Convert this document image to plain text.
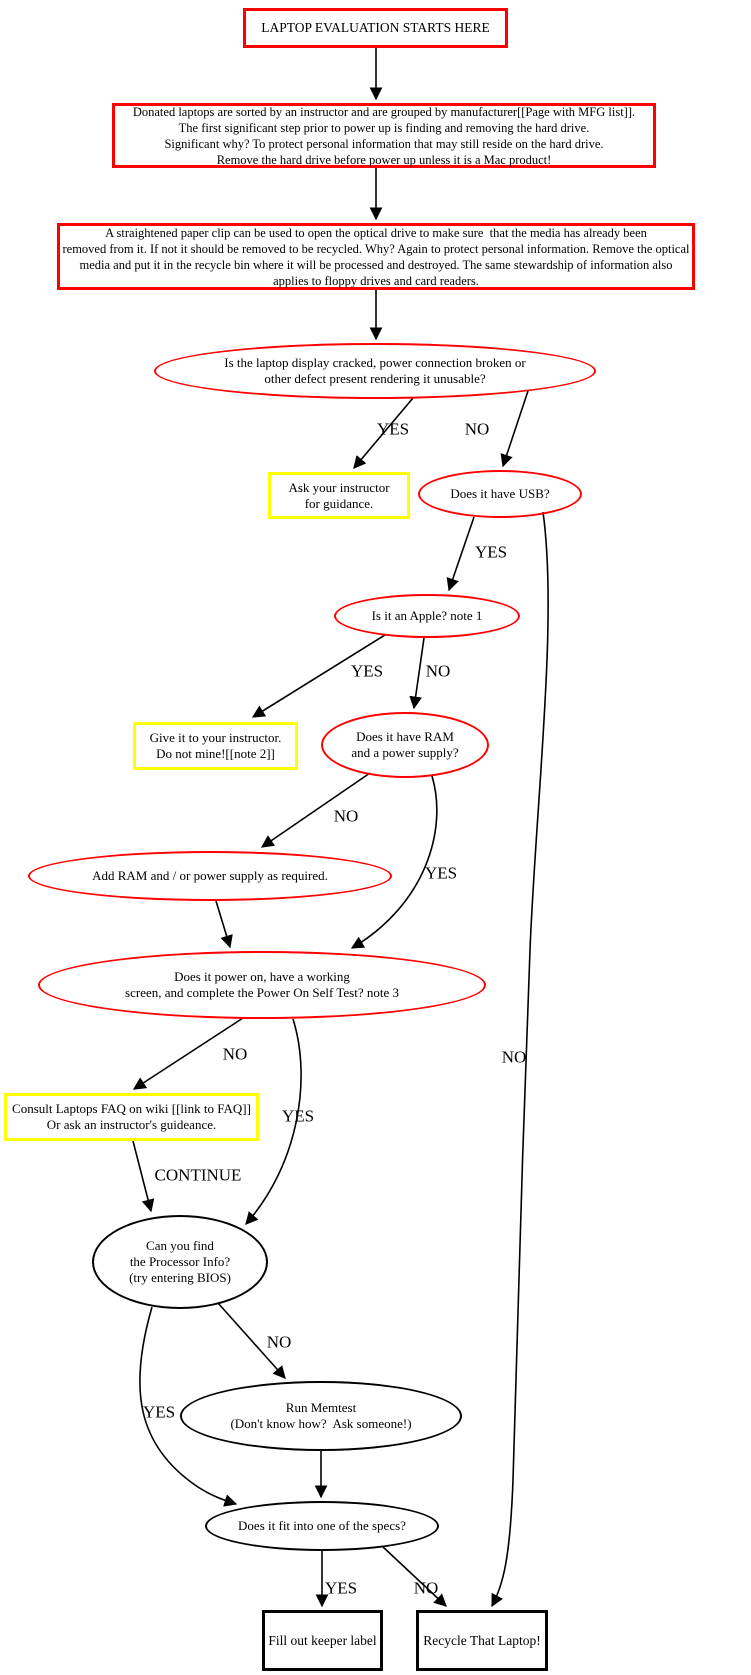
LAPTOP EVALUATION STARTS HERE
Donated laptops are sorted by an instructor and are grouped by manufacturer[[Page with MFG list]].
The first significant step prior to power up is finding and removing the hard drive.
Significant why? To protect personal information that may still reside on the hard drive.
Remove the hard drive before power up unless it is a Mac product!
A straightened paper clip can be used to open the optical drive to make sure  that the media has already been
removed from it. If not it should be removed to be recycled. Why? Again to protect personal information. Remove the optical
media and put it in the recycle bin where it will be processed and destroyed. The same stewardship of information also
applies to floppy drives and card readers.
Is the laptop display cracked, power connection broken or
other defect present rendering it unusable?
Ask your instructor
for guidance.
Does it have USB?
Is it an Apple? note 1
Give it to your instructor.
Do not mine![[note 2]]
Does it have RAM
and a power supply?
Add RAM and / or power supply as required.
Does it power on, have a working
screen, and complete the Power On Self Test? note 3
Consult Laptops FAQ on wiki [[link to FAQ]]
Or ask an instructor's guideance.
Can you find
the Processor Info?
(try entering BIOS)
Run Memtest
(Don't know how?  Ask someone!)
Does it fit into one of the specs?
Fill out keeper label	Recycle That Laptop!
YES	NO
YES
NO
YES	NO
NO
YES
NO
YES
CONTINUE
NO
YES
YES	NO
